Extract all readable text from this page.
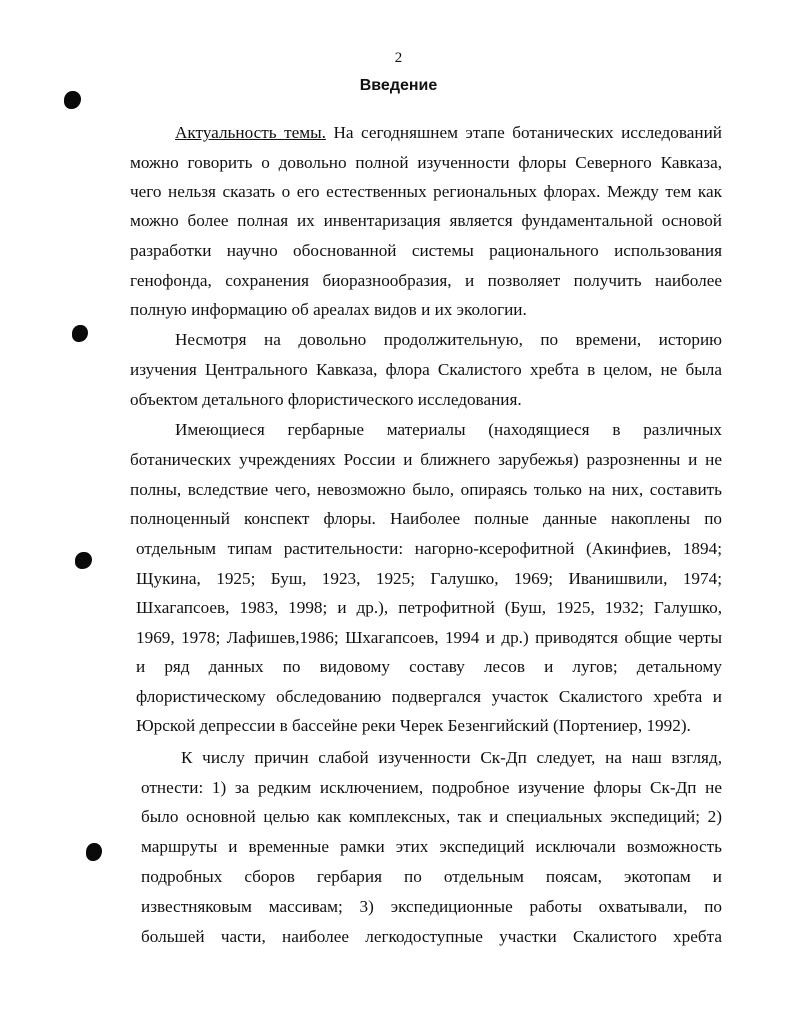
2
Введение
Актуальность темы. На сегодняшнем этапе ботанических исследований
можно говорить о довольно полной изученности флоры Северного Кавказа,
чего нельзя сказать о его естественных региональных флорах. Между тем как
можно более полная их инвентаризация является фундаментальной основой
разработки научно обоснованной системы рационального использования
генофонда, сохранения биоразнообразия, и позволяет получить наиболее
полную информацию об ареалах видов и их экологии.
Несмотря на довольно продолжительную, по времени, историю
изучения Центрального Кавказа, флора Скалистого хребта в целом, не была
объектом детального флористического исследования.
Имеющиеся гербарные материалы (находящиеся в различных
ботанических учреждениях России и ближнего зарубежья) разрозненны и не
полны, вследствие чего, невозможно было, опираясь только на них, составить
полноценный конспект флоры. Наиболее полные данные накоплены по
отдельным типам растительности: нагорно-ксерофитной (Акинфиев, 1894;
Щукина, 1925; Буш, 1923, 1925; Галушко, 1969; Иванишвили, 1974;
Шхагапсоев, 1983, 1998; и др.), петрофитной (Буш, 1925, 1932; Галушко,
1969, 1978; Лафишев,1986; Шхагапсоев, 1994 и др.) приводятся общие черты
и ряд данных по видовому составу лесов и лугов; детальному
флористическому обследованию подвергался участок Скалистого хребта и
Юрской депрессии в бассейне реки Черек Безенгийский (Портениер, 1992).
К числу причин слабой изученности Ск-Дп следует, на наш взгляд,
отнести: 1) за редким исключением, подробное изучение флоры Ск-Дп не
было основной целью как комплексных, так и специальных экспедиций; 2)
маршруты и временные рамки этих экспедиций исключали возможность
подробных сборов гербария по отдельным поясам, экотопам и
известняковым массивам; 3) экспедиционные работы охватывали, по
большей части, наиболее легкодоступные участки Скалистого хребта
